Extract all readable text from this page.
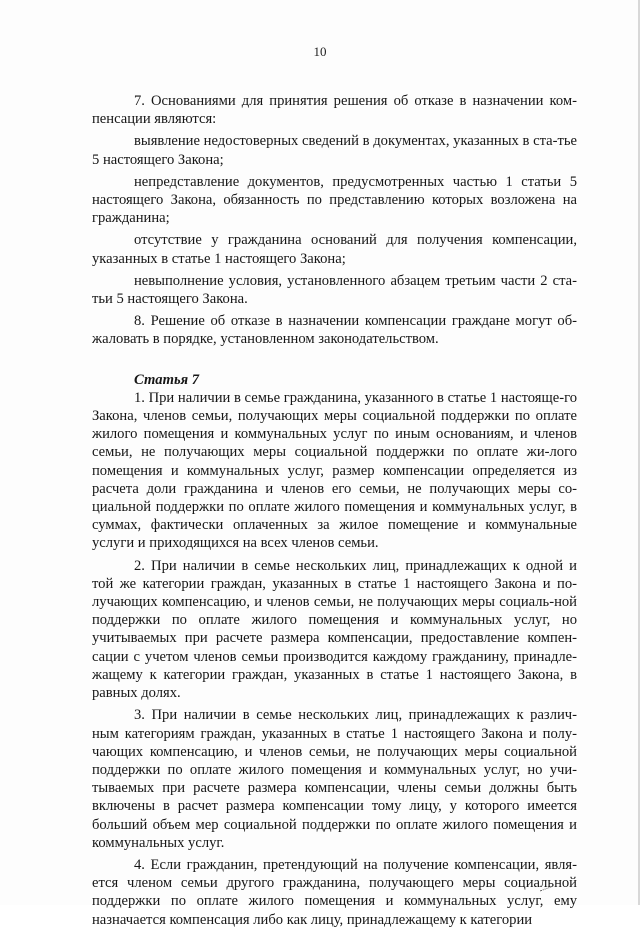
10
7. Основаниями для принятия решения об отказе в назначении ком-пенсации являются:
выявление недостоверных сведений в документах, указанных в ста-тье 5 настоящего Закона;
непредставление документов, предусмотренных частью 1 статьи 5 настоящего Закона, обязанность по представлению которых возложена на гражданина;
отсутствие у гражданина оснований для получения компенсации, указанных в статье 1 настоящего Закона;
невыполнение условия, установленного абзацем третьим части 2 ста-тьи 5 настоящего Закона.
8. Решение об отказе в назначении компенсации граждане могут об-жаловать в порядке, установленном законодательством.
Статья 7
1. При наличии в семье гражданина, указанного в статье 1 настояще-го Закона, членов семьи, получающих меры социальной поддержки по оплате жилого помещения и коммунальных услуг по иным основаниям, и членов семьи, не получающих меры социальной поддержки по оплате жи-лого помещения и коммунальных услуг, размер компенсации определяется из расчета доли гражданина и членов его семьи, не получающих меры со-циальной поддержки по оплате жилого помещения и коммунальных услуг, в суммах, фактически оплаченных за жилое помещение и коммунальные услуги и приходящихся на всех членов семьи.
2. При наличии в семье нескольких лиц, принадлежащих к одной и той же категории граждан, указанных в статье 1 настоящего Закона и по-лучающих компенсацию, и членов семьи, не получающих меры социаль-ной поддержки по оплате жилого помещения и коммунальных услуг, но учитываемых при расчете размера компенсации, предоставление компен-сации с учетом членов семьи производится каждому гражданину, принадле-жащему к категории граждан, указанных в статье 1 настоящего Закона, в равных долях.
3. При наличии в семье нескольких лиц, принадлежащих к различ-ным категориям граждан, указанных в статье 1 настоящего Закона и полу-чающих компенсацию, и членов семьи, не получающих меры социальной поддержки по оплате жилого помещения и коммунальных услуг, но учи-тываемых при расчете размера компенсации, члены семьи должны быть включены в расчет размера компенсации тому лицу, у которого имеется больший объем мер социальной поддержки по оплате жилого помещения и коммунальных услуг.
4. Если гражданин, претендующий на получение компенсации, явля-ется членом семьи другого гражданина, получающего меры социальной поддержки по оплате жилого помещения и коммунальных услуг, ему назначается компенсация либо как лицу, принадлежащему к категории
